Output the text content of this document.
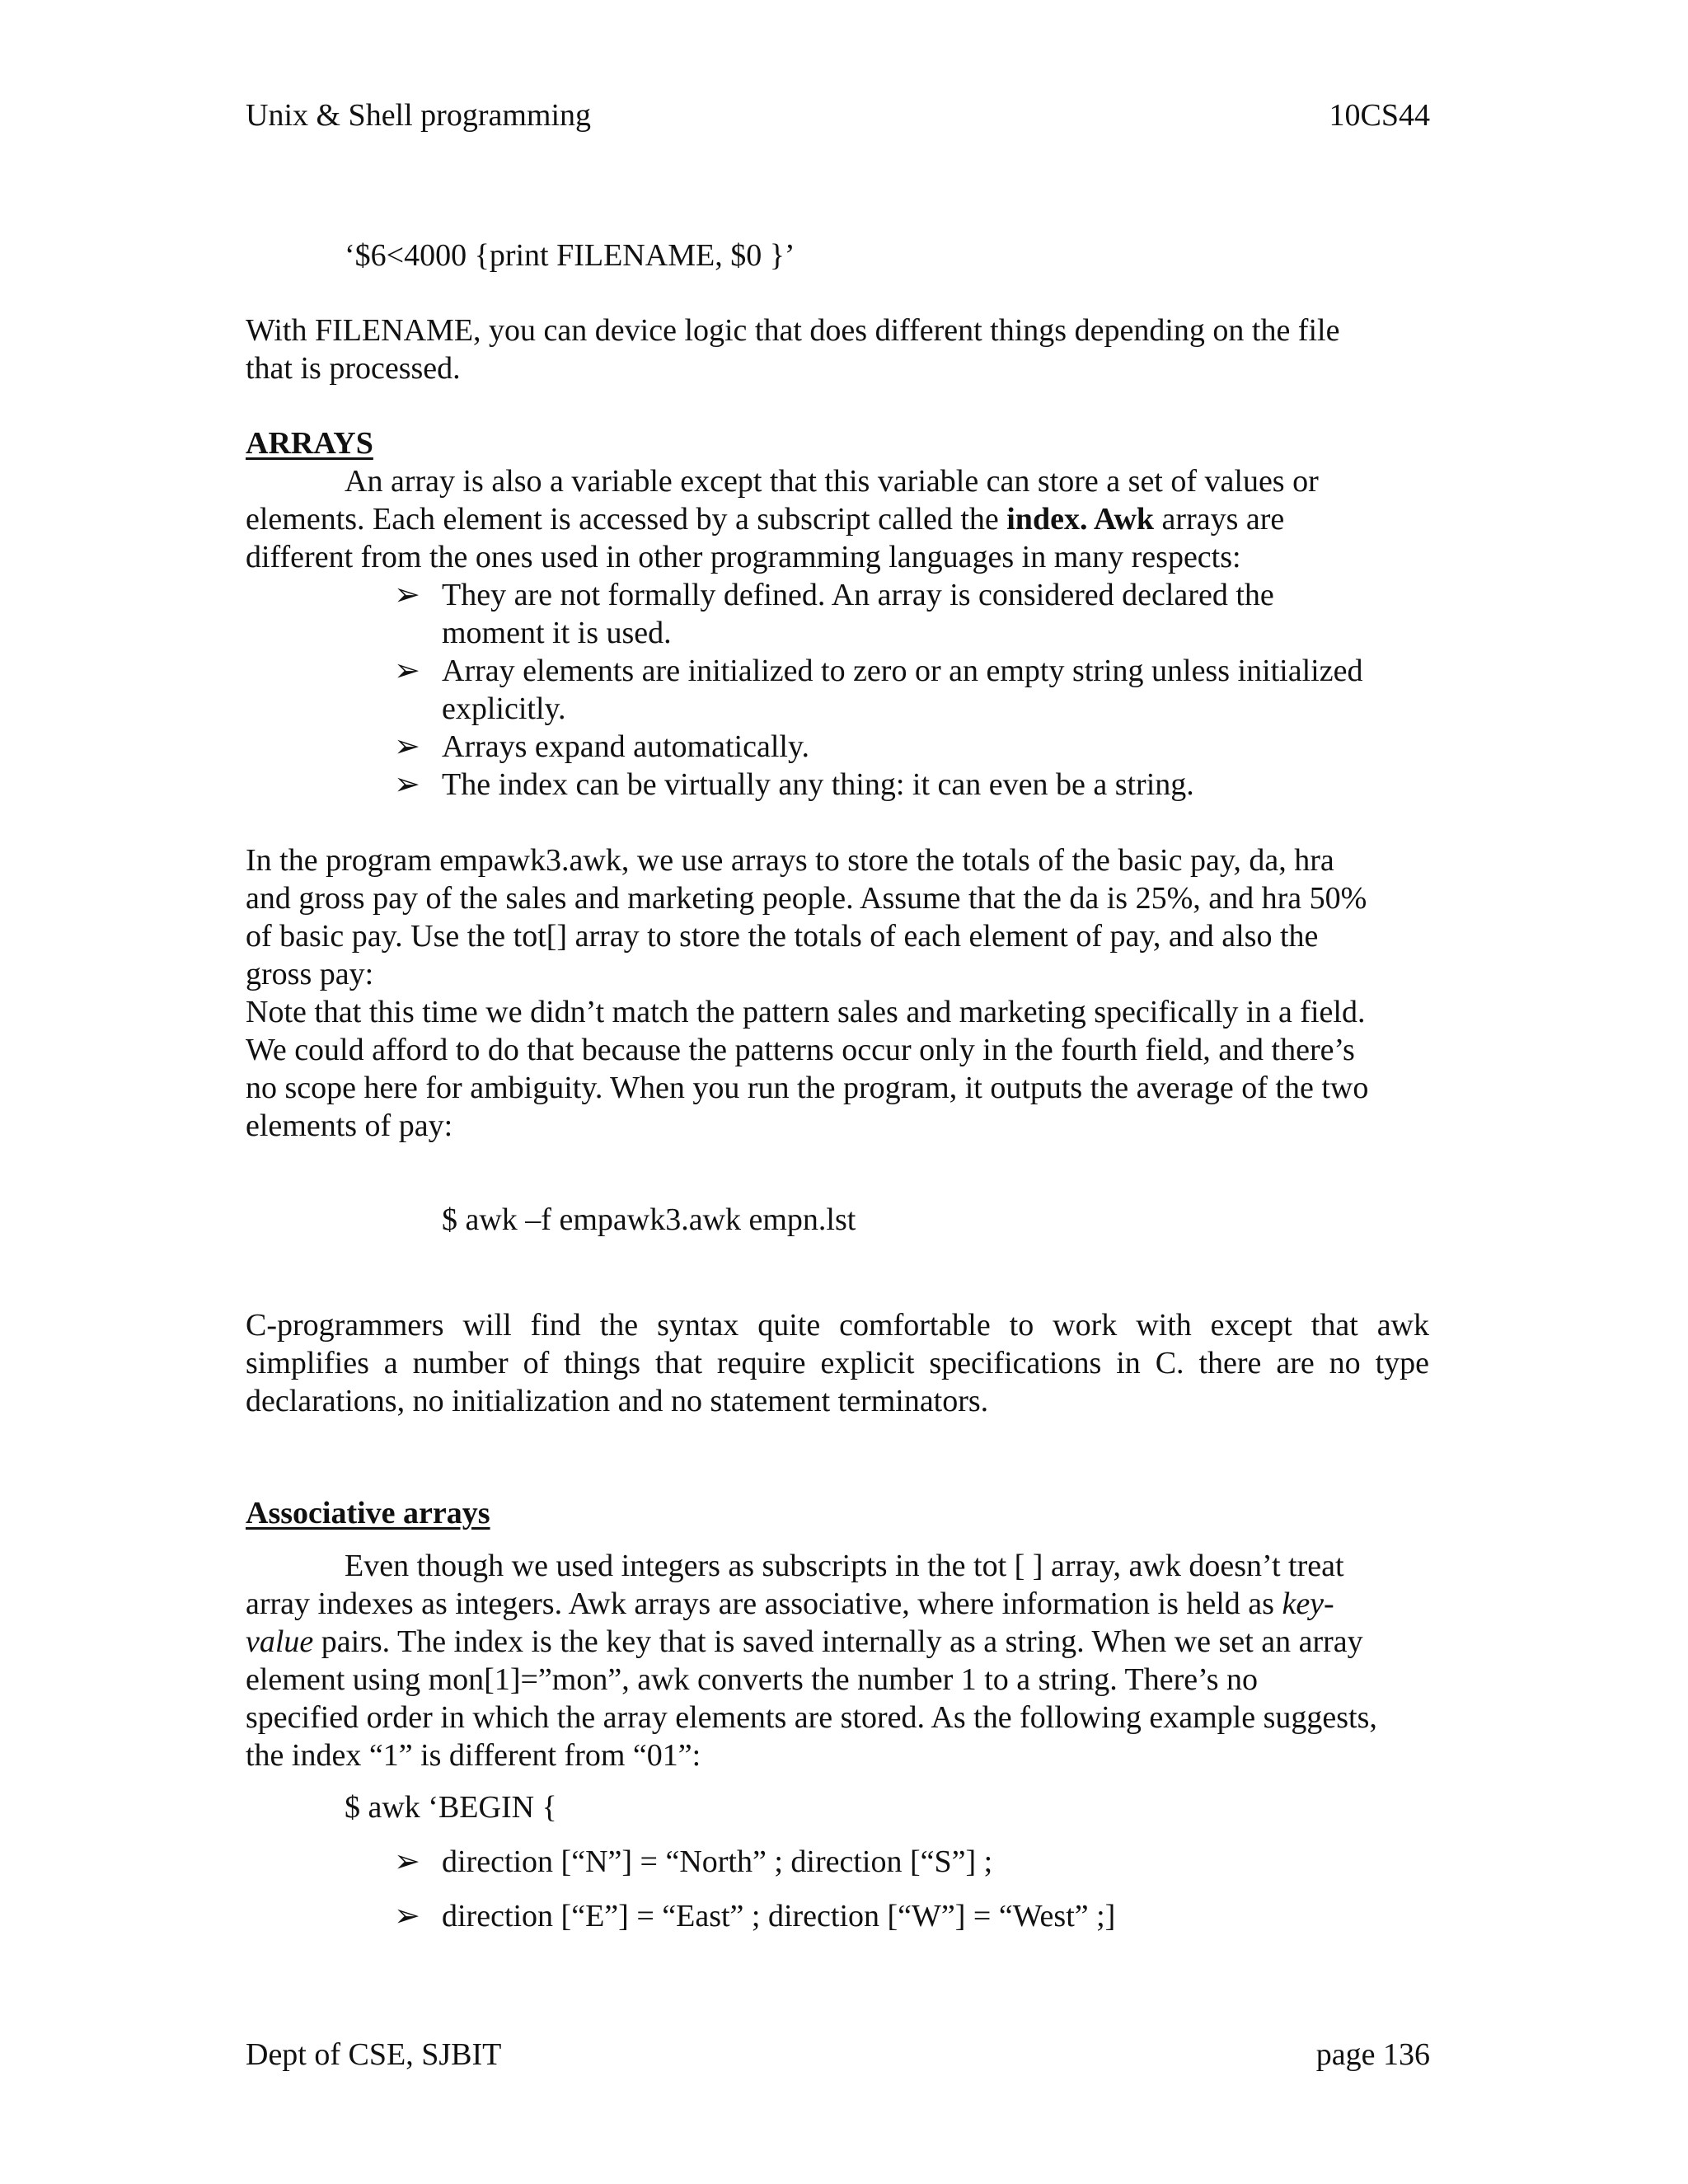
Unix & Shell programming	10CS44
‘$6<4000 {print FILENAME, $0 }’
With FILENAME, you can device logic that does different things depending on the file
that is processed.
ARRAYS
An array is also a variable except that this variable can store a set of values or
elements. Each element is accessed by a subscript called the index. Awk arrays are
different from the ones used in other programming languages in many respects:
➢ They are not formally defined. An array is considered declared the
moment it is used.
➢ Array elements are initialized to zero or an empty string unless initialized
explicitly.
➢ Arrays expand automatically.
➢ The index can be virtually any thing: it can even be a string.
In the program empawk3.awk, we use arrays to store the totals of the basic pay, da, hra
and gross pay of the sales and marketing people. Assume that the da is 25%, and hra 50%
of basic pay. Use the tot[] array to store the totals of each element of pay, and also the
gross pay:
Note that this time we didn’t match the pattern sales and marketing specifically in a field.
We could afford to do that because the patterns occur only in the fourth field, and there’s
no scope here for ambiguity. When you run the program, it outputs the average of the two
elements of pay:
$ awk –f empawk3.awk empn.lst
C-programmers will find the syntax quite comfortable to work with except that awk
simplifies a number of things that require explicit specifications in C. there are no type
declarations, no initialization and no statement terminators.
Associative arrays
Even though we used integers as subscripts in the tot [ ] array, awk doesn’t treat
array indexes as integers. Awk arrays are associative, where information is held as key-
value pairs. The index is the key that is saved internally as a string. When we set an array
element using mon[1]=”mon”, awk converts the number 1 to a string. There’s no
specified order in which the array elements are stored. As the following example suggests,
the index “1” is different from “01”:
$ awk ‘BEGIN {
➢ direction [“N”] = “North” ; direction [“S”] ;
➢ direction [“E”] = “East” ; direction [“W”] = “West” ;]
Dept of CSE, SJBIT	page 136
